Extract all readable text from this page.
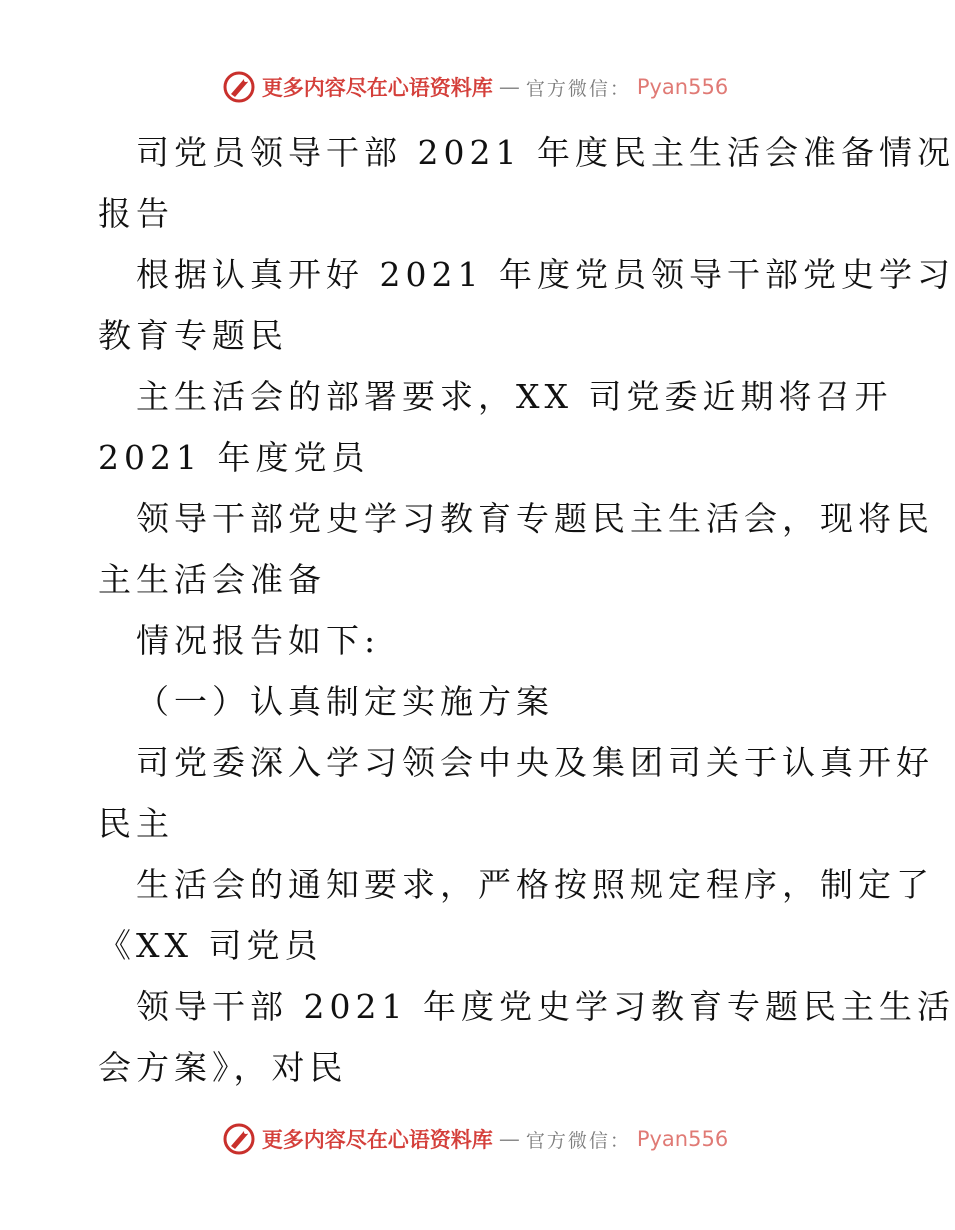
更多内容尽在心语资料库 — 官方微信： Pyan556

司党员领导干部 2021 年度民主生活会准备情况

报告

根据认真开好 2021 年度党员领导干部党史学习

教育专题民

主生活会的部署要求，XX 司党委近期将召开

2021 年度党员

领导干部党史学习教育专题民主生活会，现将民

主生活会准备

情况报告如下:

（一）认真制定实施方案

司党委深入学习领会中央及集团司关于认真开好

民主

生活会的通知要求，严格按照规定程序，制定了

《XX 司党员

领导干部 2021 年度党史学习教育专题民主生活

会方案》，对民

更多内容尽在心语资料库 — 官方微信： Pyan556
